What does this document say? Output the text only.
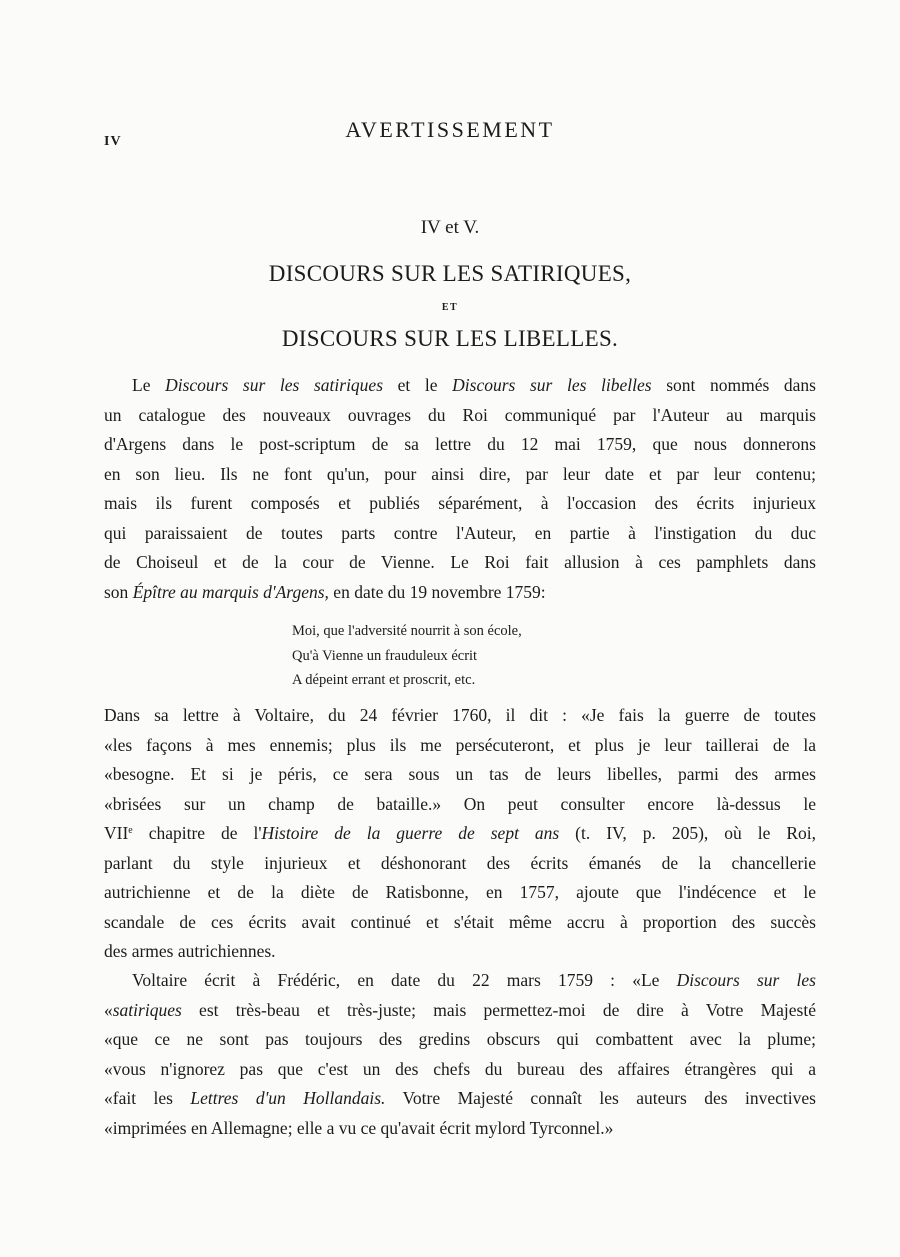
IV	AVERTISSEMENT
IV et V.
DISCOURS SUR LES SATIRIQUES,
ET
DISCOURS SUR LES LIBELLES.
Le Discours sur les satiriques et le Discours sur les libelles sont nommés dans
un catalogue des nouveaux ouvrages du Roi communiqué par l'Auteur au marquis
d'Argens dans le post-scriptum de sa lettre du 12 mai 1759, que nous donnerons
en son lieu. Ils ne font qu'un, pour ainsi dire, par leur date et par leur contenu;
mais ils furent composés et publiés séparément, à l'occasion des écrits injurieux
qui paraissaient de toutes parts contre l'Auteur, en partie à l'instigation du duc
de Choiseul et de la cour de Vienne. Le Roi fait allusion à ces pamphlets dans
son Épître au marquis d'Argens, en date du 19 novembre 1759:
Moi, que l'adversité nourrit à son école,
Qu'à Vienne un frauduleux écrit
A dépeint errant et proscrit, etc.
Dans sa lettre à Voltaire, du 24 février 1760, il dit : «Je fais la guerre de toutes
«les façons à mes ennemis; plus ils me persécuteront, et plus je leur taillerai de la
«besogne. Et si je péris, ce sera sous un tas de leurs libelles, parmi des armes
«brisées sur un champ de bataille.» On peut consulter encore là-dessus le
VIIe chapitre de l'Histoire de la guerre de sept ans (t. IV, p. 205), où le Roi,
parlant du style injurieux et déshonorant des écrits émanés de la chancellerie
autrichienne et de la diète de Ratisbonne, en 1757, ajoute que l'indécence et le
scandale de ces écrits avait continué et s'était même accru à proportion des succès
des armes autrichiennes.
Voltaire écrit à Frédéric, en date du 22 mars 1759 : «Le Discours sur les
«satiriques est très-beau et très-juste; mais permettez-moi de dire à Votre Majesté
«que ce ne sont pas toujours des gredins obscurs qui combattent avec la plume;
«vous n'ignorez pas que c'est un des chefs du bureau des affaires étrangères qui a
«fait les Lettres d'un Hollandais. Votre Majesté connaît les auteurs des invectives
«imprimées en Allemagne; elle a vu ce qu'avait écrit mylord Tyrconnel.»
